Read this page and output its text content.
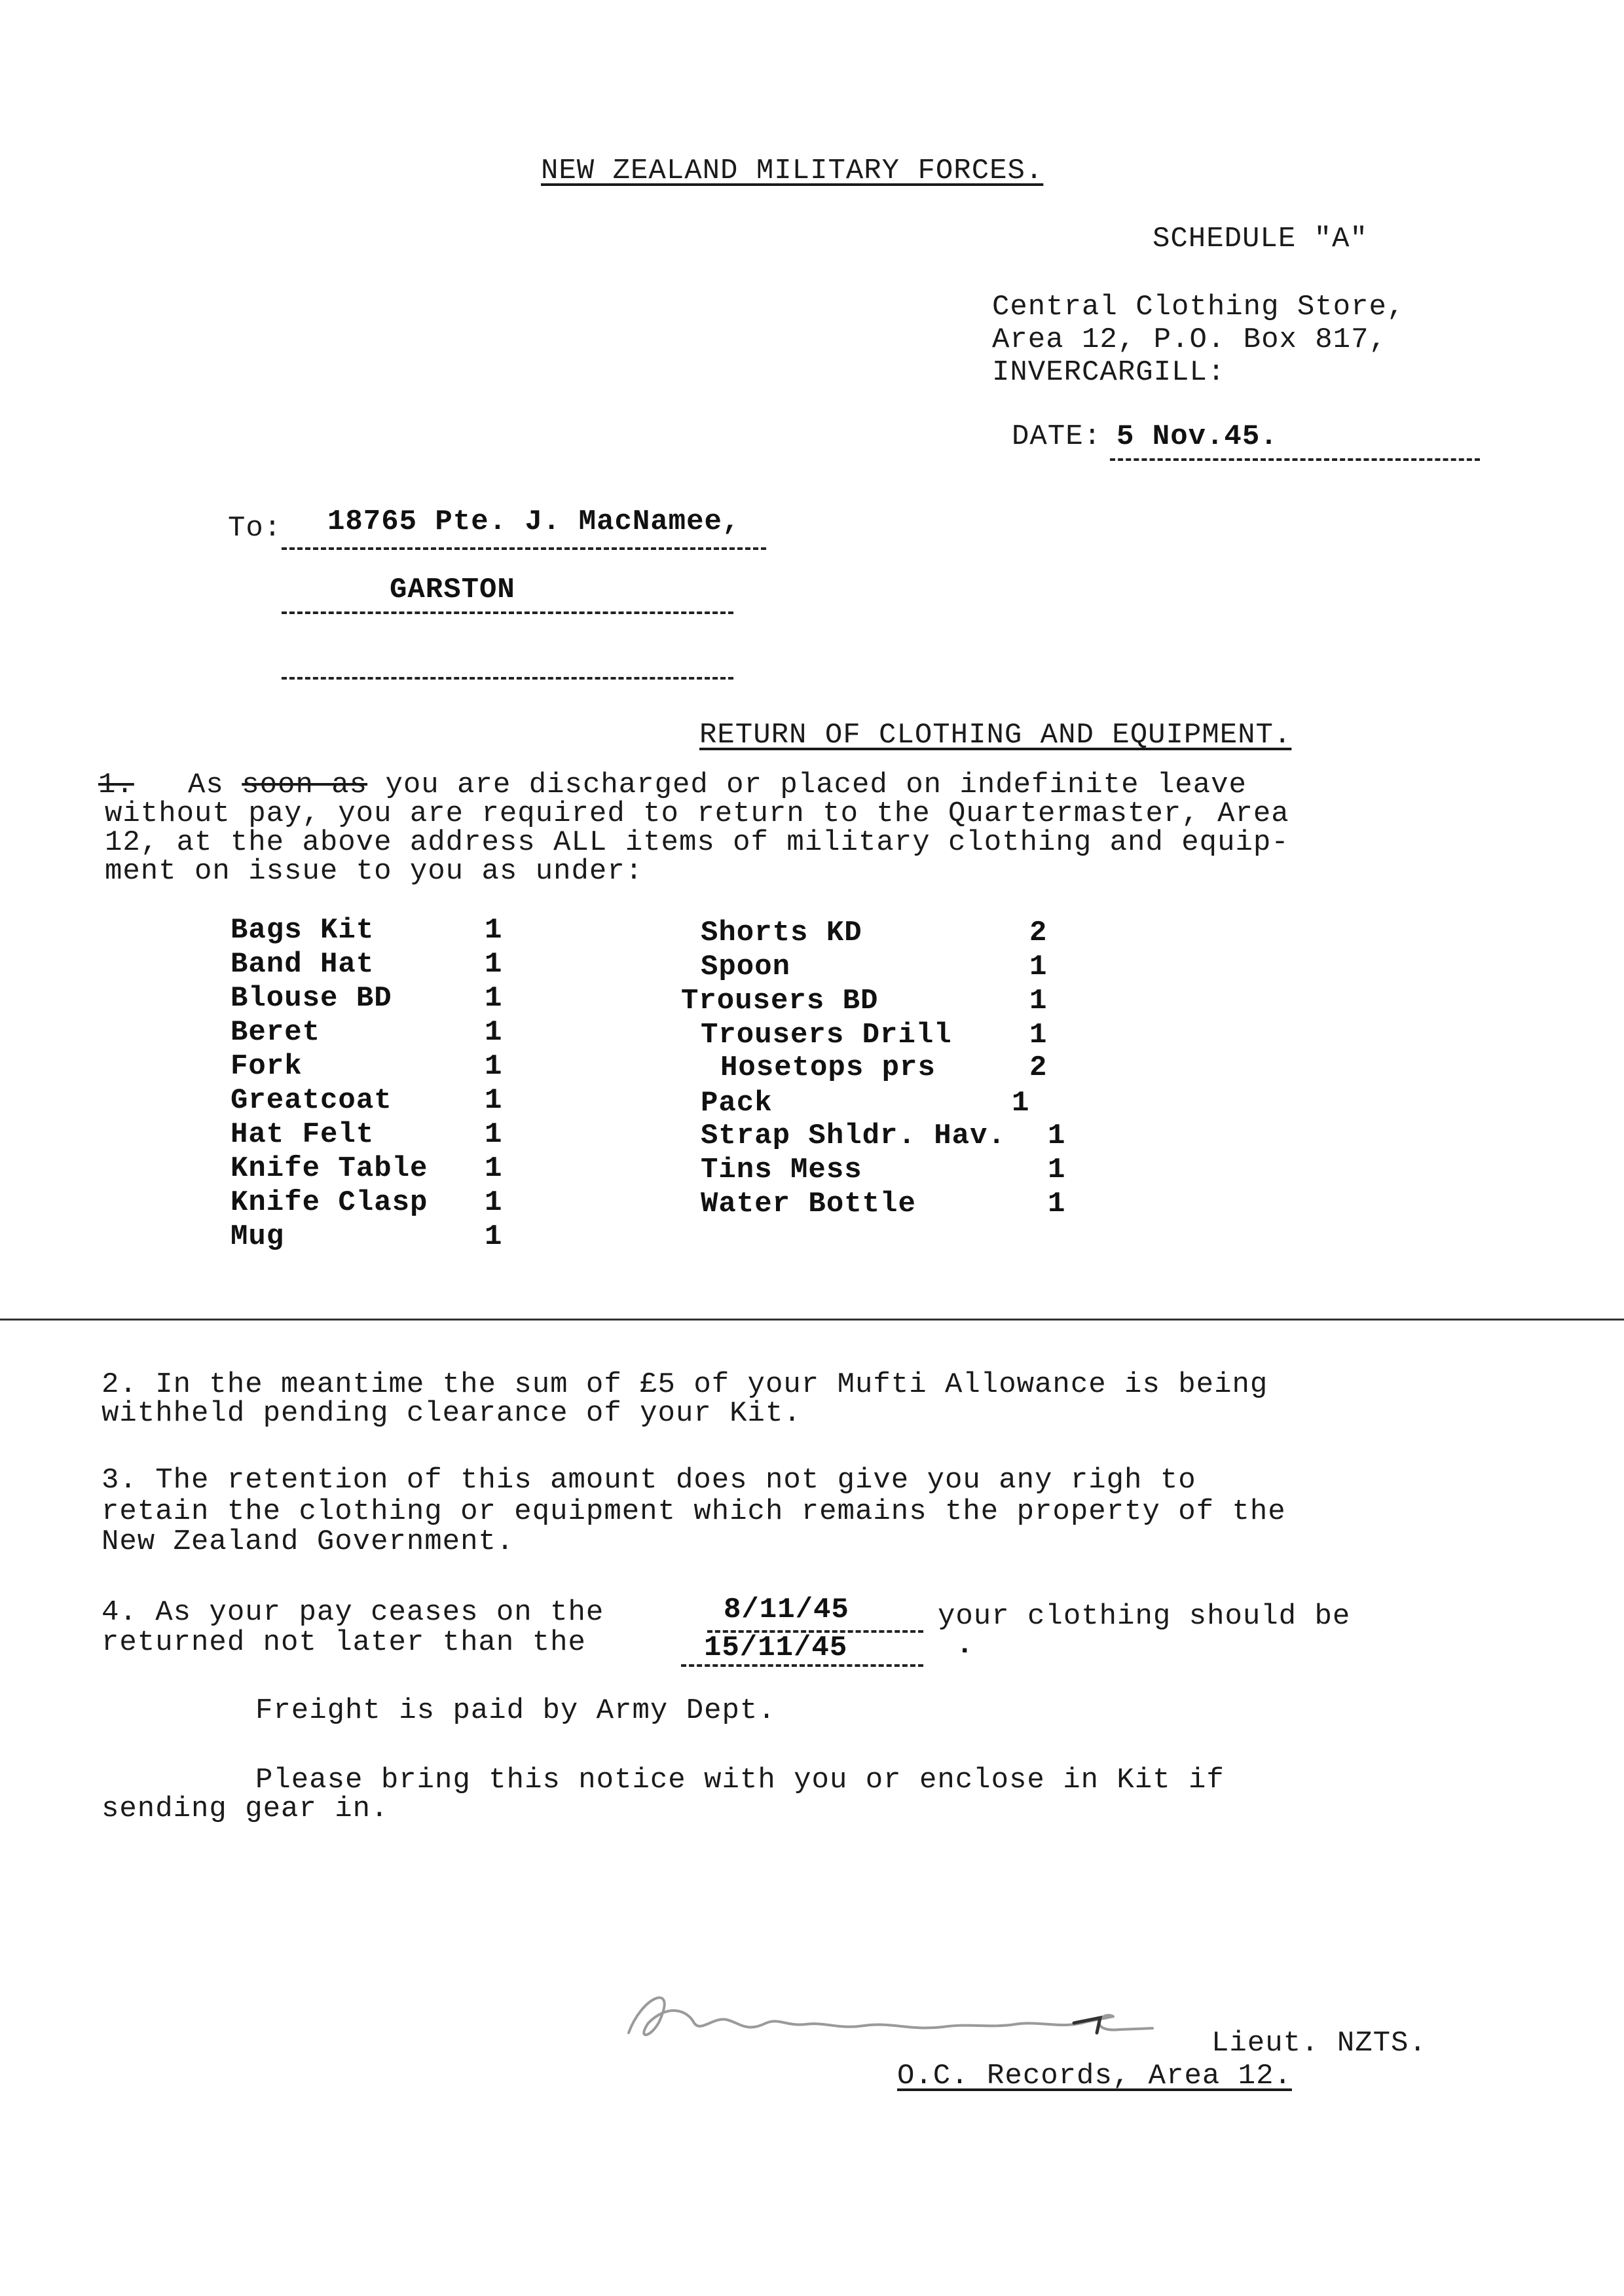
NEW ZEALAND MILITARY FORCES.
SCHEDULE "A"
Central Clothing Store,
Area 12, P.O. Box 817,
INVERCARGILL:
DATE: 5 Nov.45.
To: 18765 Pte. J. MacNamee,
GARSTON
RETURN OF CLOTHING AND EQUIPMENT.
1. As soon as you are discharged or placed on indefinite leave
without pay, you are required to return to the Quartermaster, Area
12, at the above address ALL items of military clothing and equip-
ment on issue to you as under:
Bags Kit	1
Band Hat	1
Blouse BD	1
Beret	1
Fork	1
Greatcoat	1
Hat Felt	1
Knife Table 1
Knife Clasp 1
Mug	1
Shorts KD	2
Spoon	1
Trousers BD	1
Trousers Drill	1
Hosetops prs	2
Pack	1
Strap Shldr. Hav. 1
Tins Mess	1
Water Bottle	1
2. In the meantime the sum of £5 of your Mufti Allowance is being
withheld pending clearance of your Kit.
3. The retention of this amount does not give you any righ to
retain the clothing or equipment which remains the property of the
New Zealand Government.
4. As your pay ceases on the	8/11/45	your clothing should be
returned not later than the	15/11/45	.
Freight is paid by Army Dept.
Please bring this notice with you or enclose in Kit if
sending gear in.
Lieut. NZTS.
O.C. Records, Area 12.
